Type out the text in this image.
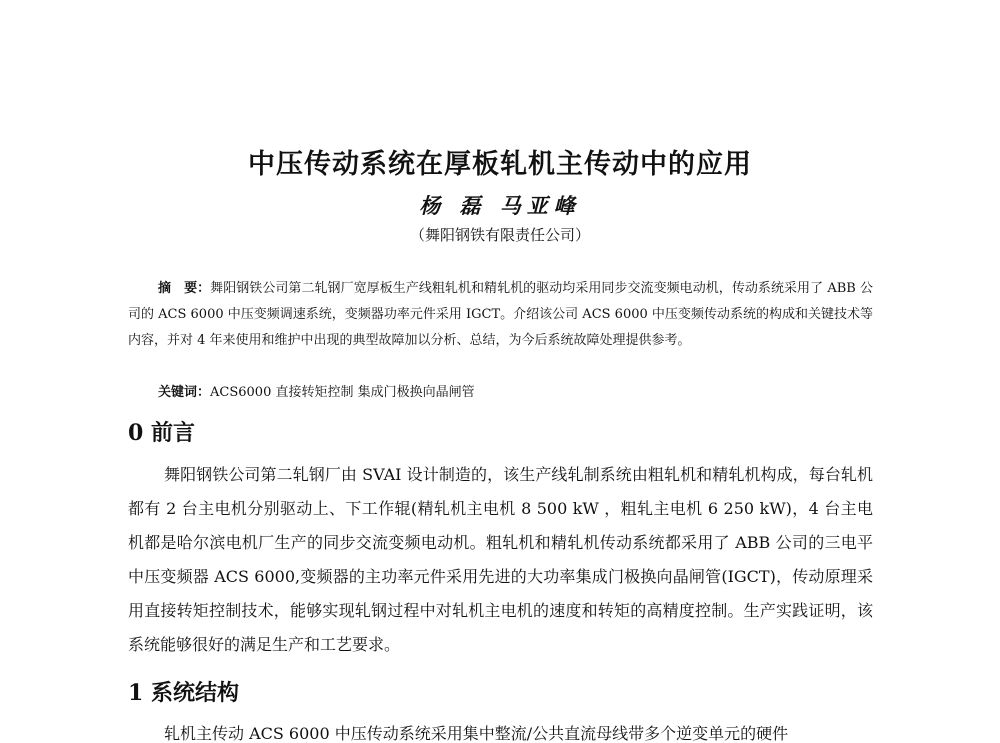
中压传动系统在厚板轧机主传动中的应用
杨 磊 马亚峰
（舞阳钢铁有限责任公司）

摘　要：舞阳钢铁公司第二轧钢厂宽厚板生产线粗轧机和精轧机的驱动均采用同步交流变频电动机，传动系统采用了 ABB 公司的 ACS 6000 中压变频调速系统，变频器功率元件采用 IGCT。介绍该公司 ACS 6000 中压变频传动系统的构成和关键技术等内容，并对 4 年来使用和维护中出现的典型故障加以分析、总结，为今后系统故障处理提供参考。

关键词：ACS6000 直接转矩控制 集成门极换向晶闸管

0 前言

舞阳钢铁公司第二轧钢厂由 SVAI 设计制造的，该生产线轧制系统由粗轧机和精轧机构成，每台轧机都有 2 台主电机分别驱动上、下工作辊(精轧机主电机 8 500 kW ，粗轧主电机 6 250 kW)，4 台主电机都是哈尔滨电机厂生产的同步交流变频电动机。粗轧机和精轧机传动系统都采用了 ABB 公司的三电平中压变频器 ACS 6000,变频器的主功率元件采用先进的大功率集成门极换向晶闸管(IGCT)，传动原理采用直接转矩控制技术，能够实现轧钢过程中对轧机主电机的速度和转矩的高精度控制。生产实践证明，该系统能够很好的满足生产和工艺要求。

1 系统结构

轧机主传动 ACS 6000 中压传动系统采用集中整流/公共直流母线带多个逆变单元的硬件
